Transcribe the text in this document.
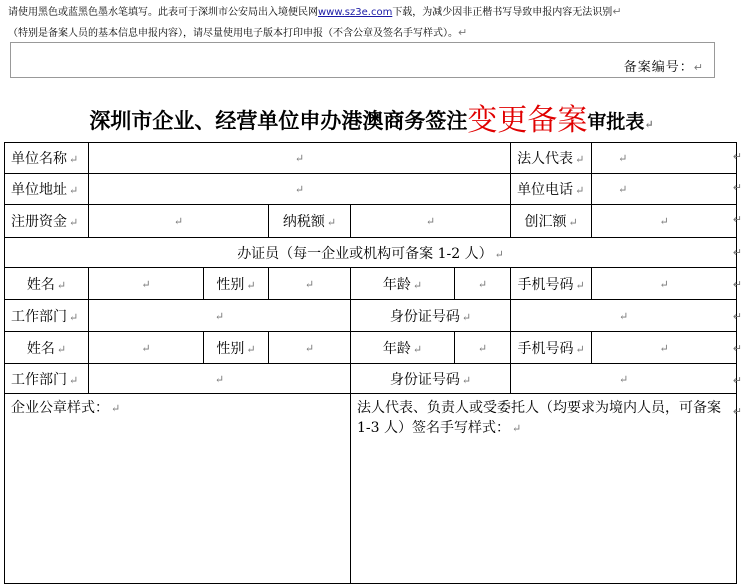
请使用黑色或蓝黑色墨水笔填写。此表可于深圳市公安局出入境便民网www.sz3e.com下载，为减少因非正楷书写导致申报内容无法识别↵
（特别是备案人员的基本信息申报内容），请尽量使用电子版本打印申报（不含公章及签名手写样式）。↵
备案编号：↵
深圳市企业、经营单位申办港澳商务签注变更备案审批表↵
单位名称 ↵	↵					法人代表 ↵	↵
单位地址 ↵	↵					单位电话 ↵	↵
注册资金 ↵	↵		纳税额 ↵	↵		创汇额 ↵	↵
办证员（每一企业或机构可备案 1-2 人） ↵							
姓名 ↵	↵	性别 ↵	↵	年龄 ↵	↵	手机号码 ↵	↵
工作部门 ↵	↵			身份证号码 ↵		↵	
姓名 ↵	↵	性别 ↵	↵	年龄 ↵	↵	手机号码 ↵	↵
工作部门 ↵	↵			身份证号码 ↵		↵	
企业公章样式： ↵				法人代表、负责人或受委托人（均要求为境内人员，可备案 1-3 人）签名手写样式： ↵			
↵
↵
↵
↵
↵
↵
↵
↵
↵
